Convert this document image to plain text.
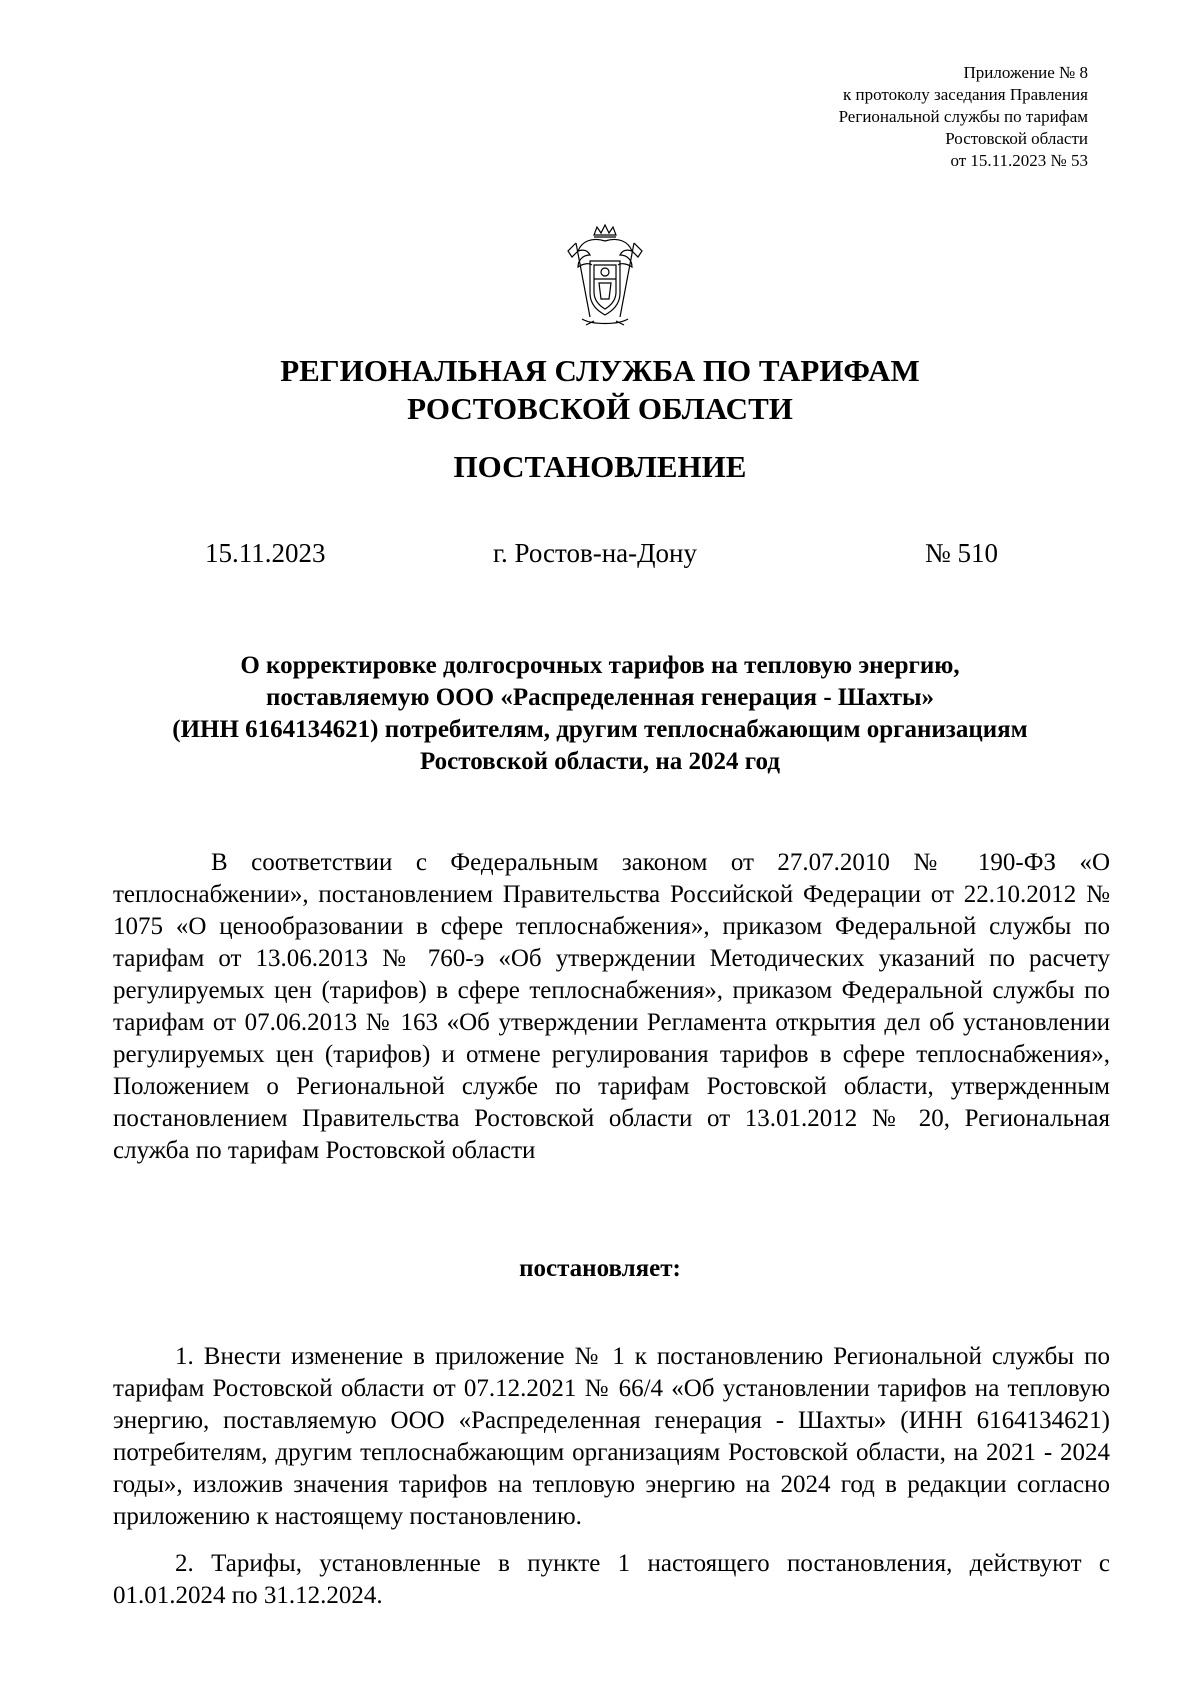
Приложение № 8
к протоколу заседания Правления
Региональной службы по тарифам
Ростовской области
от 15.11.2023 № 53
РЕГИОНАЛЬНАЯ СЛУЖБА ПО ТАРИФАМ
РОСТОВСКОЙ ОБЛАСТИ
ПОСТАНОВЛЕНИЕ
15.11.2023	г. Ростов-на-Дону	№ 510
О корректировке долгосрочных тарифов на тепловую энергию,
поставляемую ООО «Распределенная генерация - Шахты»
(ИНН 6164134621) потребителям, другим теплоснабжающим организациям
Ростовской области, на 2024 год
В соответствии с Федеральным законом от 27.07.2010 № 190-ФЗ «О теплоснабжении», постановлением Правительства Российской Федерации от 22.10.2012 № 1075 «О ценообразовании в сфере теплоснабжения», приказом Федеральной службы по тарифам от 13.06.2013 № 760-э «Об утверждении Методических указаний по расчету регулируемых цен (тарифов) в сфере теплоснабжения», приказом Федеральной службы по тарифам от 07.06.2013 № 163 «Об утверждении Регламента открытия дел об установлении регулируемых цен (тарифов) и отмене регулирования тарифов в сфере теплоснабжения», Положением о Региональной службе по тарифам Ростовской области, утвержденным постановлением Правительства Ростовской области от 13.01.2012 № 20, Региональная служба по тарифам Ростовской области
постановляет:
1. Внести изменение в приложение № 1 к постановлению Региональной службы по тарифам Ростовской области от 07.12.2021 № 66/4 «Об установлении тарифов на тепловую энергию, поставляемую ООО «Распределенная генерация - Шахты» (ИНН 6164134621) потребителям, другим теплоснабжающим организациям Ростовской области, на 2021 - 2024 годы», изложив значения тарифов на тепловую энергию на 2024 год в редакции согласно приложению к настоящему постановлению.
2. Тарифы, установленные в пункте 1 настоящего постановления, действуют с 01.01.2024 по 31.12.2024.
